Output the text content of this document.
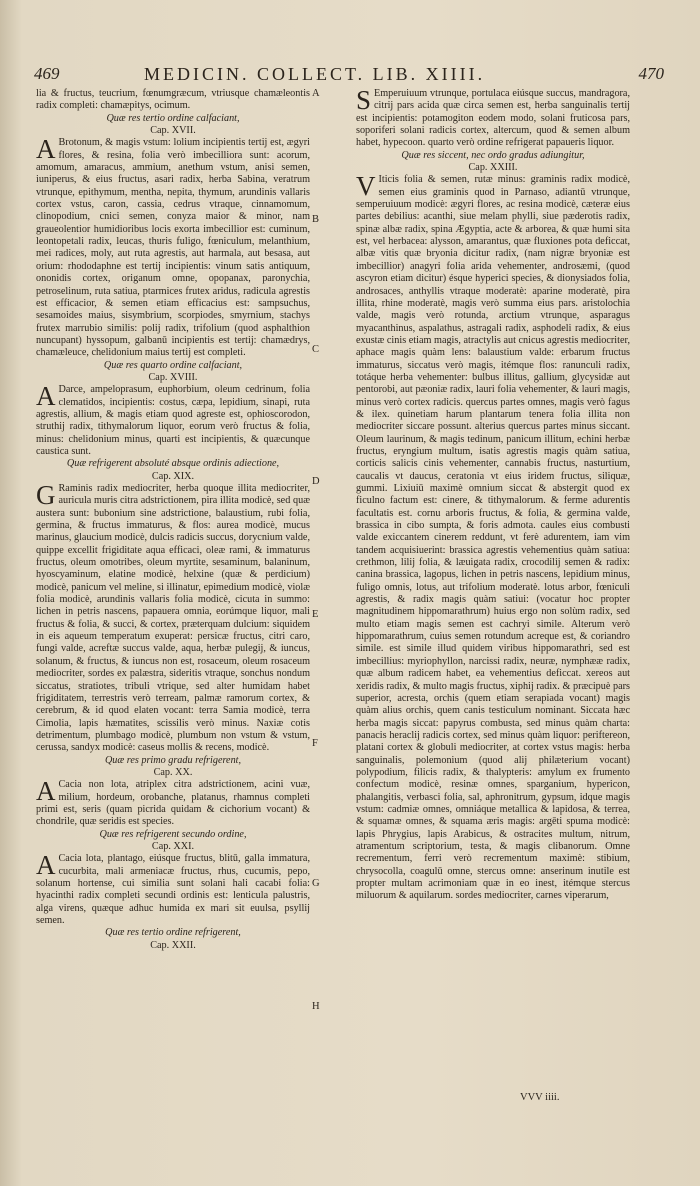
469	MEDICIN. COLLECT. LIB. XIIII.	470

lia & fructus, teucrium, fœnumgræcum, vtriusque chamæleontis radix completi: chamæpitys, ocimum.

Quæ res tertio ordine calfaciant,

Cap. XVII.

A Brotonum, & magis vstum: lolium incipientis tertij est, ægyri flores, & resina, folia verò imbecilliora sunt: acorum, amomum, amaracus, ammium, anethum vstum, anisi semen, iuniperus, & eius fructus, asari radix, herba Sabina, veratrum vtrunque, epithymum, mentha, nepita, thymum, arundinis vallaris cortex vstus, caron, cassia, cedrus vtraque, cinnamomum, clinopodium, cnici semen, conyza maior & minor, nam graueolentior humidioribus locis exorta imbecillior est: cuminum, leontopetali radix, leucas, thuris fuligo, fœniculum, melanthium, mei radices, moly, aut ruta agrestis, aut harmala, aut besasa, aut orium: rhododaphne est tertij incipientis: vinum satis antiquum, ononidis cortex, origanum omne, opopanax, paronychia, petroselinum, ruta satiua, ptarmices frutex aridus, radicula agrestis est efficacior, & semen etiam efficacius est: sampsuchus, sesamoides maius, sisymbrium, scorpiodes, smyrnium, stachys frutex marrubio similis: polij radix, trifolium (quod asphalthion nuncupant) hyssopum, galbanū incipientis est tertij: chamædrys, chamæleuce, chelidonium maius tertij est completi.

Quæ res quarto ordine calfaciant,

Cap. XVIII.

A Darce, ampeloprasum, euphorbium, oleum cedrinum, folia clematidos, incipientis: costus, cæpa, lepidium, sinapi, ruta agrestis, allium, & magis etiam quod agreste est, ophioscorodon, struthij radix, tithymalorum liquor, eorum verò fructus & folia, minus: chelidonium minus, quarti est incipientis, & quæcunque caustica sunt.

Quæ refrigerent absoluté absque ordinis adiectione,

Cap. XIX.

G Raminis radix mediocriter, herba quoque illita mediocriter, auricula muris citra adstrictionem, pira illita modicè, sed quæ austera sunt: bubonium sine adstrictione, balaustium, rubi folia, germina, & fructus immaturus, & flos: aurea modicè, mucus marinus, glaucium modicè, dulcis radicis succus, dorycnium valde, quippe excellit frigiditate aqua efficaci, oleæ rami, & immaturus fructus, oleum omotribes, oleum myrtite, sesaminum, balaninum, hyoscyaminum, elatine modicè, helxine (quæ & perdicium) modicè, panicum vel meline, si illinatur, epimedium modicè, violæ folia modicè, arundinis vallaris folia modicè, cicuta in summo: lichen in petris nascens, papauera omnia, eorúmque liquor, mali fructus & folia, & succi, & cortex, præterquam dulcium: siquidem in eis aqueum temperatum exuperat: persicæ fructus, citri caro, fungi valde, acreftæ succus valde, aqua, herbæ pulegij, & iuncus, solanum, & fructus, & iuncus non est, rosaceum, oleum rosaceum mediocriter, sordes ex palæstra, sideritis vtraque, sonchus nondum siccatus, stratiotes, tribuli vtrique, sed alter humidam habet frigiditatem, terrestris verò terream, palmæ ramorum cortex, & cerebrum, & id quod elaten vocant: terra Samia modicè, terra Cimolia, lapis hæmatites, scissilis verò minus. Naxiæ cotis detrimentum, plumbago modicè, plumbum non vstum & vstum, cerussa, sandyx modicè: caseus mollis & recens, modicè.

Quæ res primo gradu refrigerent,

Cap. XX.

A Cacia non lota, atriplex citra adstrictionem, acini vuæ, milium, hordeum, orobanche, platanus, rhamnus completi primi est, seris (quam picrida quidam & cichorium vocant) & chondrile, quæ seridis est species.

Quæ res refrigerent secundo ordine,

Cap. XXI.

A Cacia lota, plantago, eiúsque fructus, blitū, galla immatura, cucurbita, mali armeniacæ fructus, rhus, cucumis, pepo, solanum hortense, cui similia sunt solani hali cacabi folia: hyacinthi radix completi secundi ordinis est: lenticula palustris, alga virens, quæque adhuc humida ex mari sit euulsa, psyllij semen.

Quæ res tertio ordine refrigerent,

Cap. XXII.

A
B
C
D
E
F
G
H

S Emperuiuum vtrunque, portulaca eiúsque succus, mandragora, citrij pars acida quæ circa semen est, herba sanguinalis tertij est incipientis: potamogiton eodem modo, solani fruticosa pars, soporiferi solani radicis cortex, altercum, quod & semen album habet, hypecoon. quarto verò ordine refrigerat papaueris liquor.

Quæ res siccent, nec ordo gradus adiungitur,

Cap. XXIII.

V Iticis folia & semen, rutæ minus: graminis radix modicè, semen eius graminis quod in Parnaso, adiantū vtrunque, semperuiuum modicè: ægyri flores, ac resina modicè, cæteræ eius partes debilius: acanthi, siue melam phylli, siue pæderotis radix, spinæ albæ radix, spina Ægyptia, acte & arborea, & quæ humi sita est, vel herbacea: alysson, amarantus, quæ fluxiones pota deficcat, albæ vitis quæ bryonia dicitur radix, (nam nigræ bryoniæ est imbecillior) anagyri folia arida vehementer, androsæmi, (quod ascyron etiam dicitur) ésque hyperici species, & dionysiados folia, androsaces, anthyllis vtraque moderatè: aparine moderatè, pira illita, rhine moderatè, magis verò summa eius pars. aristolochia valde, magis verò rotunda, arctium vtrunque, asparagus myacanthinus, aspalathus, astragali radix, asphodeli radix, & eius exustæ cinis etiam magis, atractylis aut cnicus agrestis mediocriter, aphace magis quàm lens: balaustium valde: erbarum fructus immaturus, siccatus verò magis, itémque flos: ranunculi radix, totáque herba vehementer: bulbus illitus, gallium, glycysidæ aut pentorobi, aut pæoniæ radix, lauri folia vehementer, & lauri magis, minus verò cortex radicis. quercus partes omnes, magis verò fagus & ilex. quinetiam harum plantarum tenera folia illita non mediocriter siccare possunt. alterius quercus partes minus siccant. Oleum laurinum, & magis tedinum, panicum illitum, echini herbæ fructus, eryngium multum, isatis agrestis magis quàm satiua, corticis salicis cinis vehementer, cannabis fructus, nasturtium, caucalis vt daucus, ceratonia vt eius iridem fructus, siliquæ, gummi. Lixiuiū maximè omnium siccat & abstergit quod ex ficulno factum est: cinere, & tithymalorum. & ferme adurentis facultatis est. cornu arboris fructus, & folia, & germina valde, brassica in cibo sumpta, & foris admota. caules eius combusti valde exiccantem cinerem reddunt, vt ferè adurentem, iam vim tandem acquisiuerint: brassica agrestis vehementius quàm satiua: crethmon, lilij folia, & læuigata radix, crocodilij semen & radix: canina brassica, lagopus, lichen in petris nascens, lepidium minus, fuligo omnis, lotus, aut trifolium moderatè. lotus arbor, fœniculi agrestis, & radix magis quàm satiui: (vocatur hoc propter magnitudinem hippomarathrum) huius ergo non solùm radix, sed multo etiam magis semen est cachryi simile. Alterum verò hippomarathrum, cuius semen rotundum acreque est, & coriandro simile. est simile illud quidem viribus hippomarathri, sed est imbecillius: myriophyllon, narcissi radix, neuræ, nymphææ radix, quæ album radicem habet, ea vehementius deficcat. xereos aut xeridis radix, & multo magis fructus, xiphij radix. & præcipuè pars superior, acresta, orchis (quem etiam serapiada vocant) magis quàm alius orchis, quem canis testiculum nominant. Siccata hæc herba magis siccat: papyrus combusta, sed minus quàm charta: panacis heraclij radicis cortex, sed minus quàm liquor: periftereon, platani cortex & globuli mediocriter, at cortex vstus magis: herba sanguinalis, polemonium (quod alij philæterium vocant) polypodium, filicis radix, & thalypteris: amylum ex frumento confectum modicè, resinæ omnes, sparganium, hypericon, phalangitis, verbasci folia, sal, aphronitrum, gypsum, idque magis vstum: cadmiæ omnes, omniáque metallica & lapidosa, & terrea, & squamæ omnes, & squama æris magis: argēti spuma modicè: lapis Phrygius, lapis Arabicus, & ostracites multum, nitrum, atramentum scriptorium, testa, & magis clibanorum. Omne recrementum, ferri verò recrementum maximè: stibium, chrysocolla, coagulū omne, stercus omne: anserinum inutile est propter multam acrimoniam quæ in eo inest, itémque stercus miluorum & aquilarum. sordes mediocriter, carnes viperarum,

VVV iiii.
